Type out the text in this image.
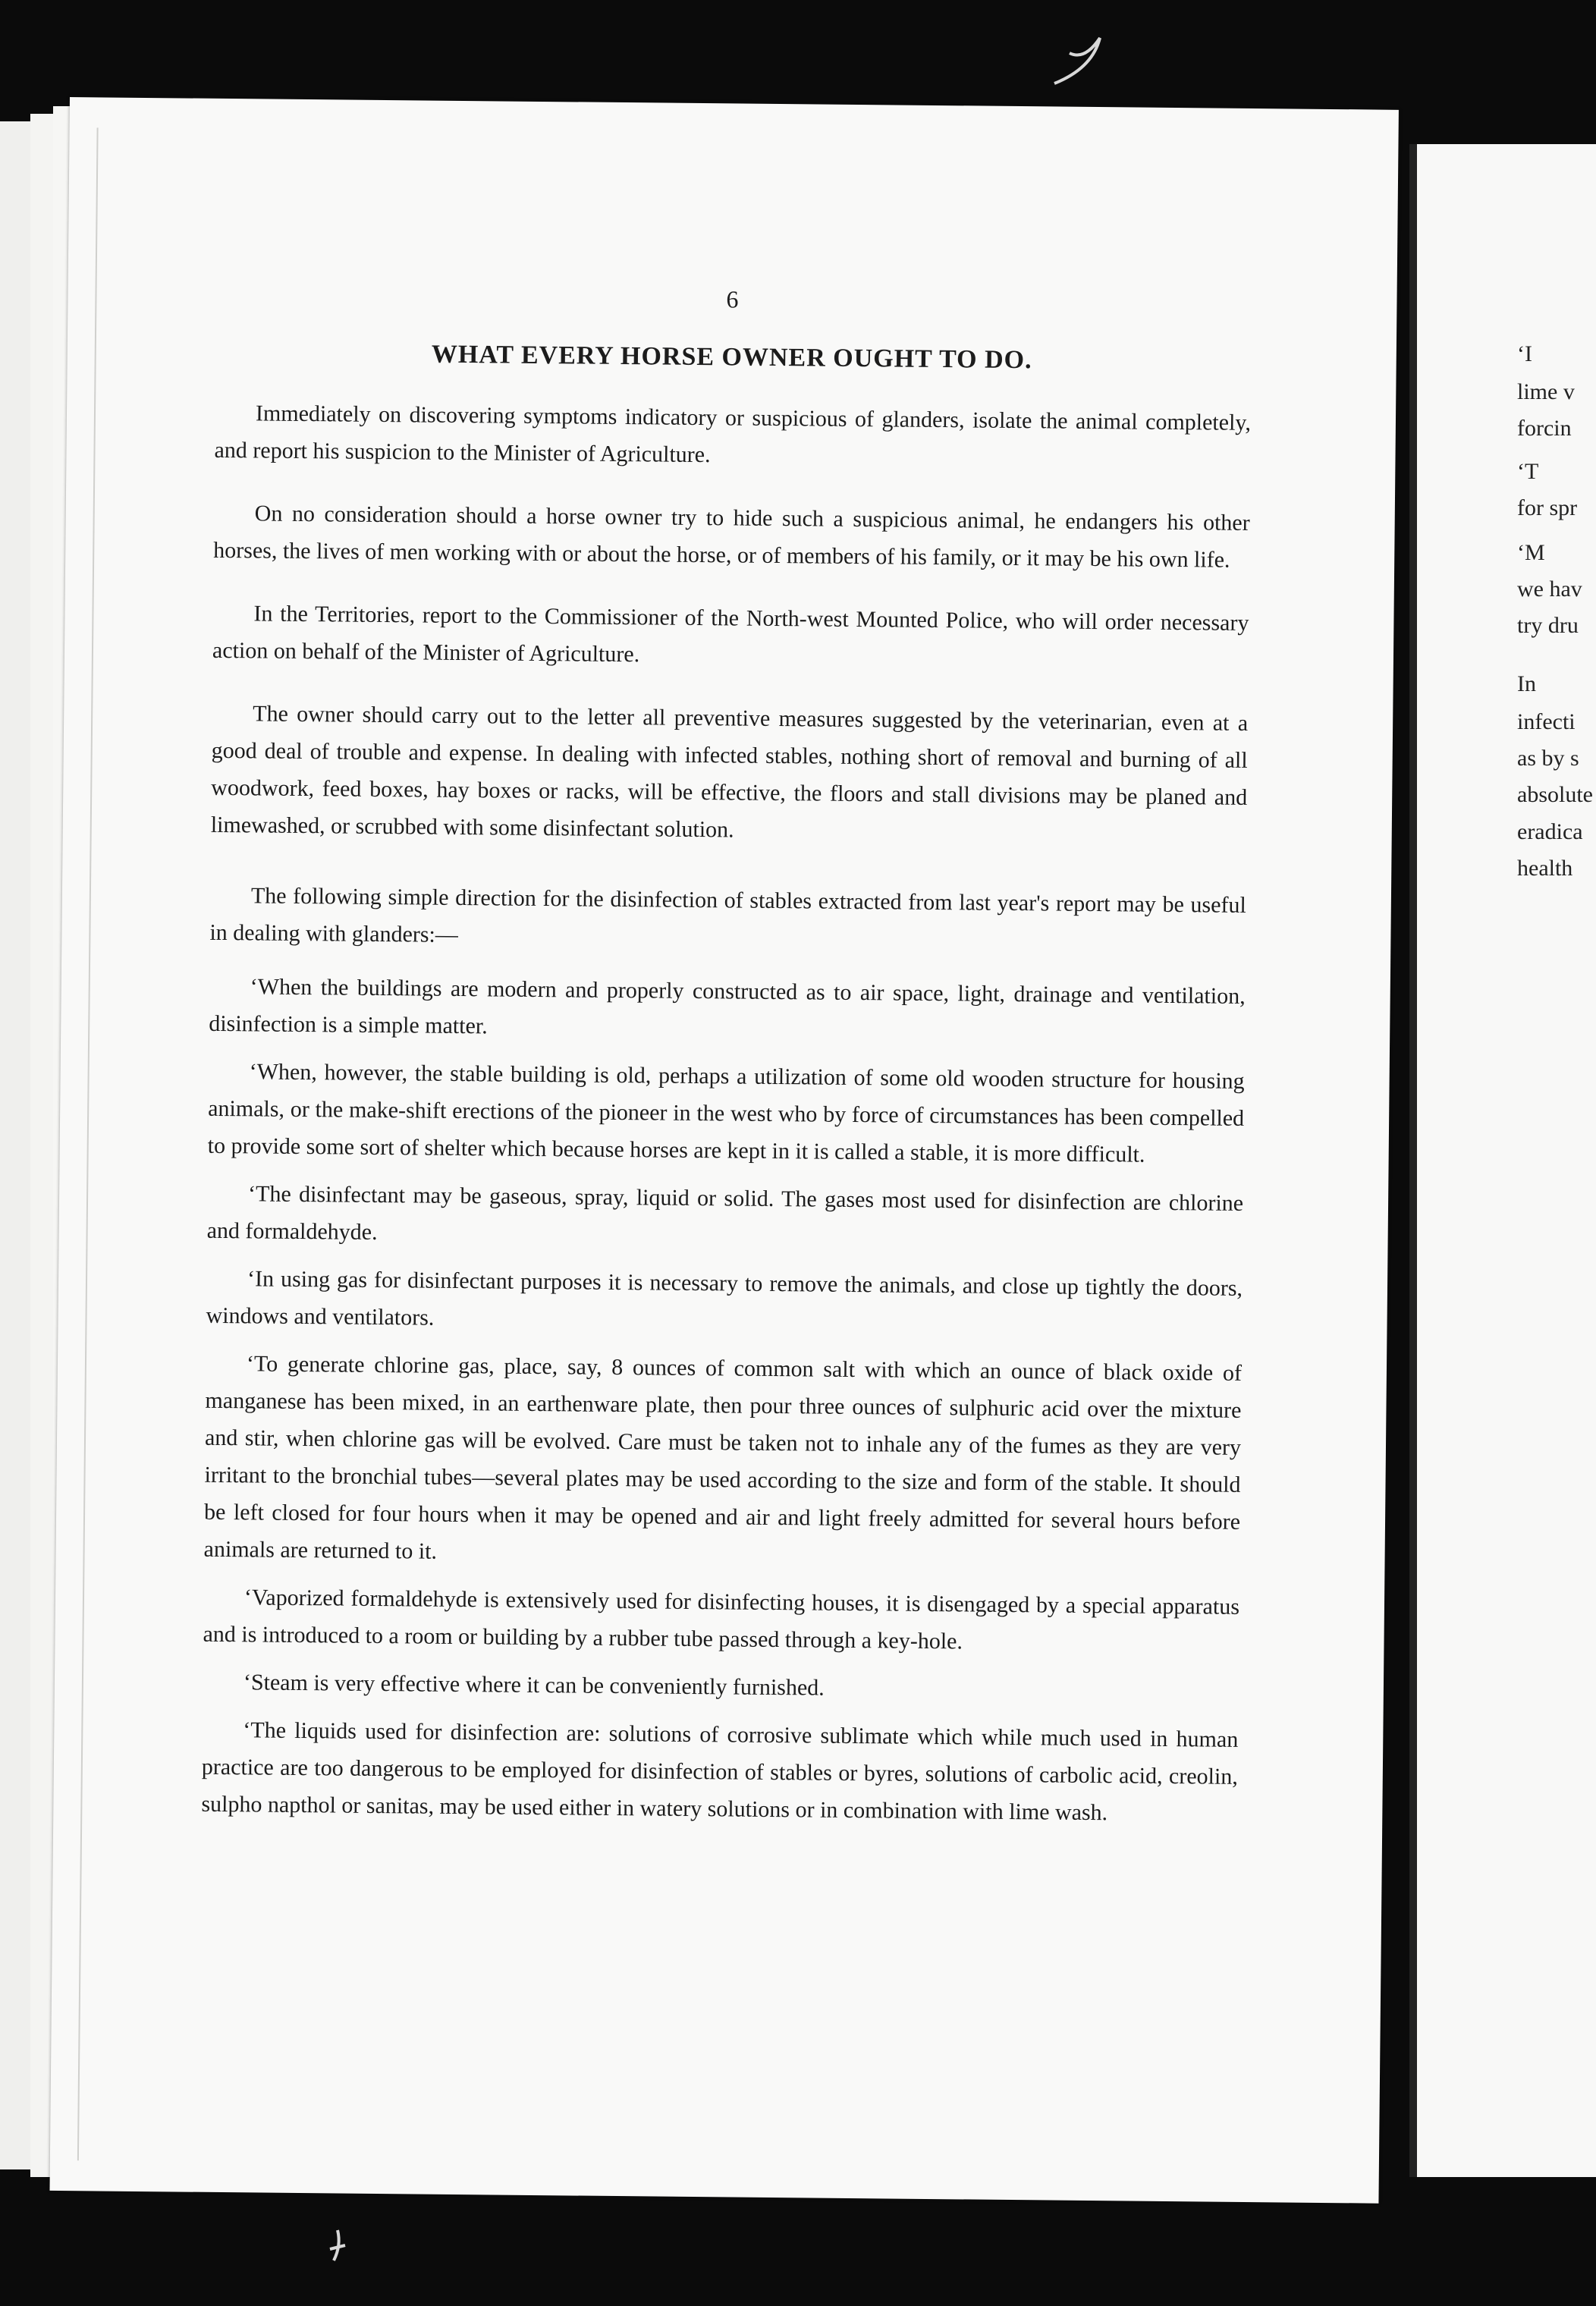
‘I
lime v
forcin
‘T
for spr
‘M
we hav
try dru
In
infecti
as by s
absolute
eradica
health
6
WHAT EVERY HORSE OWNER OUGHT TO DO.

Immediately on discovering symptoms indicatory or suspicious of glanders, isolate the animal completely, and report his suspicion to the Minister of Agriculture.

On no consideration should a horse owner try to hide such a suspicious animal, he endangers his other horses, the lives of men working with or about the horse, or of members of his family, or it may be his own life.

In the Territories, report to the Commissioner of the North-west Mounted Police, who will order necessary action on behalf of the Minister of Agriculture.

The owner should carry out to the letter all preventive measures suggested by the veterinarian, even at a good deal of trouble and expense. In dealing with infected stables, nothing short of removal and burning of all woodwork, feed boxes, hay boxes or racks, will be effective, the floors and stall divisions may be planed and limewashed, or scrubbed with some disinfectant solution.

The following simple direction for the disinfection of stables extracted from last year's report may be useful in dealing with glanders:—

‘When the buildings are modern and properly constructed as to air space, light, drainage and ventilation, disinfection is a simple matter.

‘When, however, the stable building is old, perhaps a utilization of some old wooden structure for housing animals, or the make-shift erections of the pioneer in the west who by force of circumstances has been compelled to provide some sort of shelter which because horses are kept in it is called a stable, it is more difficult.

‘The disinfectant may be gaseous, spray, liquid or solid. The gases most used for disinfection are chlorine and formaldehyde.

‘In using gas for disinfectant purposes it is necessary to remove the animals, and close up tightly the doors, windows and ventilators.

‘To generate chlorine gas, place, say, 8 ounces of common salt with which an ounce of black oxide of manganese has been mixed, in an earthenware plate, then pour three ounces of sulphuric acid over the mixture and stir, when chlorine gas will be evolved. Care must be taken not to inhale any of the fumes as they are very irritant to the bronchial tubes—several plates may be used according to the size and form of the stable. It should be left closed for four hours when it may be opened and air and light freely admitted for several hours before animals are returned to it.

‘Vaporized formaldehyde is extensively used for disinfecting houses, it is disengaged by a special apparatus and is introduced to a room or building by a rubber tube passed through a key-hole.

‘Steam is very effective where it can be conveniently furnished.

‘The liquids used for disinfection are: solutions of corrosive sublimate which while much used in human practice are too dangerous to be employed for disinfection of stables or byres, solutions of carbolic acid, creolin, sulpho napthol or sanitas, may be used either in watery solutions or in combination with lime wash.
